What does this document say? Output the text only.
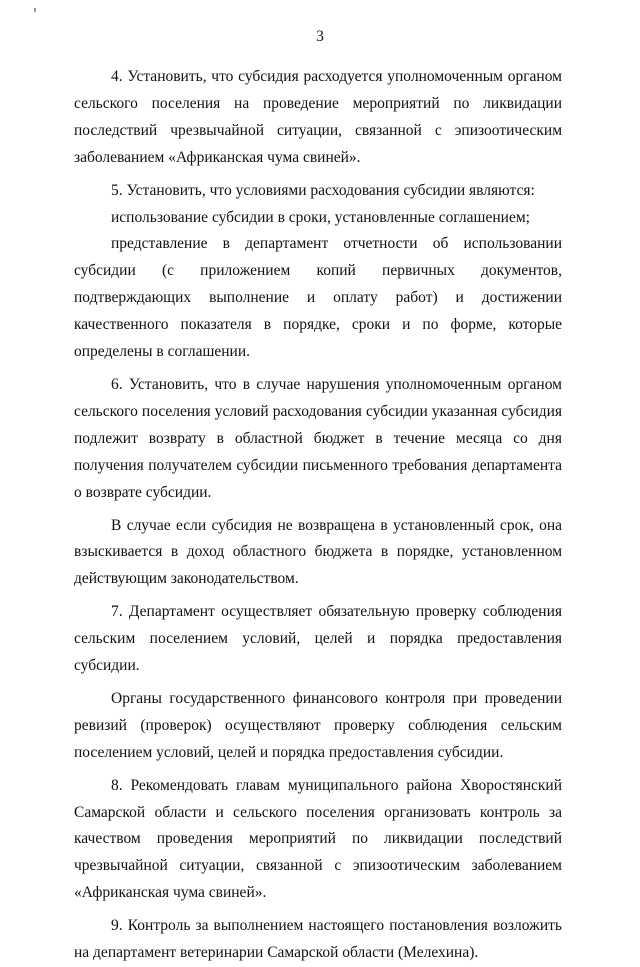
3

4. Установить, что субсидия расходуется уполномоченным органом сельского поселения на проведение мероприятий по ликвидации последствий чрезвычайной ситуации, связанной с эпизоотическим заболеванием «Африканская чума свиней».

5. Установить, что условиями расходования субсидии являются:

использование субсидии в сроки, установленные соглашением;

представление в департамент отчетности об использовании субсидии (с приложением копий первичных документов, подтверждающих выполнение и оплату работ) и достижении качественного показателя в порядке, сроки и по форме, которые определены в соглашении.

6. Установить, что в случае нарушения уполномоченным органом сельского поселения условий расходования субсидии указанная субсидия подлежит возврату в областной бюджет в течение месяца со дня получения получателем субсидии письменного требования департамента о возврате субсидии.

В случае если субсидия не возвращена в установленный срок, она взыскивается в доход областного бюджета в порядке, установленном действующим законодательством.

7. Департамент осуществляет обязательную проверку соблюдения сельским поселением условий, целей и порядка предоставления субсидии.

Органы государственного финансового контроля при проведении ревизий (проверок) осуществляют проверку соблюдения сельским поселением условий, целей и порядка предоставления субсидии.

8. Рекомендовать главам муниципального района Хворостянский Самарской области и сельского поселения организовать контроль за качеством проведения мероприятий по ликвидации последствий чрезвычайной ситуации, связанной с эпизоотическим заболеванием «Африканская чума свиней».

9. Контроль за выполнением настоящего постановления возложить на департамент ветеринарии Самарской области (Мелехина).
